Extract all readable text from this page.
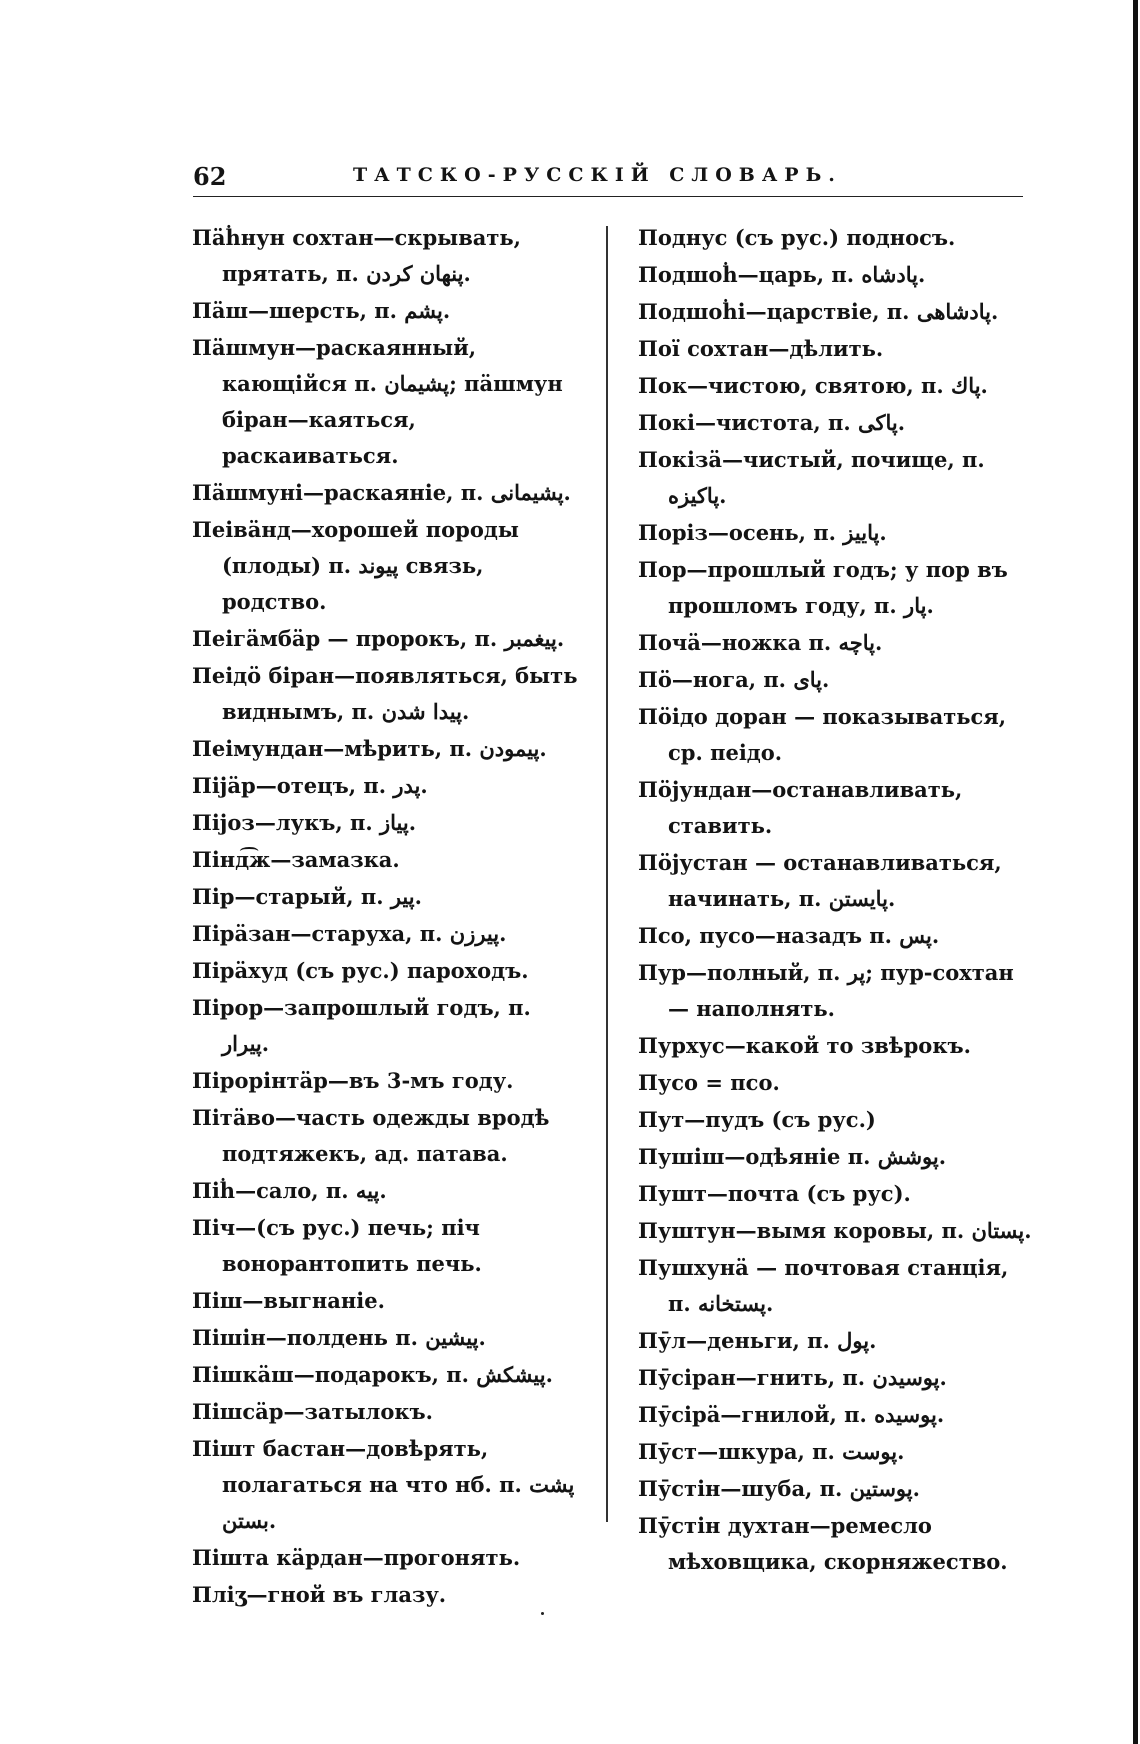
62	ТАТСКО-РУССКІЙ СЛОВАРЬ.
Пäḣнун сохтан—скрывать, прятать, п. پنهان کردن.
Пäш—шерсть, п. پشم.
Пäшмун—раскаянный, кающійся п. پشیمان; пäшмун біран—каяться, раскаиваться.
Пäшмуні—раскаяніе, п. پشیمانی.
Пеівäнд—хорошей породы (плоды) п. پیوند связь, родство.
Пеігäмбäр — пророкъ, п. پیغمبر.
Пеідö біран—появляться, быть виднымъ, п. پیدا شدن.
Пеімундан—мѣрить, п. پیمودن.
Піјäр—отецъ, п. پدر.
Піјоз—лукъ, п. پیاز.
Пінд͡ж—замазка.
Пір—старый, п. پیر.
Пірäзан—старуха, п. پیرزن.
Пірäхуд (съ рус.) пароходъ.
Пірор—запрошлый годъ, п. پیرار.
Пірорінтäр—въ 3-мъ году.
Пітäво—часть одежды вродѣ подтяжекъ, ад. патава.
Піḣ—сало, п. پیه.
Піч—(съ рус.) печь; піч вонорантопить печь.
Піш—выгнаніе.
Пішін—полдень п. پیشین.
Пішкäш—подарокъ, п. پیشکش.
Пішсäр—затылокъ.
Пішт бастан—довѣрять, полагаться на что нб. п. پشت بستن.
Пішта кäрдан—прогонять.
Плiӡ—гной въ глазу.
Поднус (съ рус.) подносъ.
Подшоḣ—царь, п. پادشاه.
Подшоḣі—царствіе, п. پادشاهی.
Пої сохтан—дѣлить.
Пок—чистою, святою, п. پاك.
Покі—чистота, п. پاکی.
Покізä—чистый, почище, п. پاکیزه.
Порiз—осень, п. پاییز.
Пор—прошлый годъ; у пор въ прошломъ году, п. پار.
Почä—ножка п. پاچه.
Пö—нога, п. پای.
Пöідо доран — показываться, ср. пеідо.
Пöјундан—останавливать, ставить.
Пöјустан — останавливаться, начинать, п. پایستن.
Псо, пусо—назадъ п. پس.
Пур—полный, п. پر; пур-сохтан— наполнять.
Пурхус—какой то звѣрокъ.
Пусо = псо.
Пут—пудъ (съ рус.)
Пушіш—одѣяніе п. پوشش.
Пушт—почта (съ рус).
Пуштун—вымя коровы, п. پستان.
Пушхунä — почтовая станція, п. پستخانه.
Пӯл—деньги, п. پول.
Пӯсіран—гнить, п. پوسیدن.
Пӯсірä—гнилой, п. پوسیده.
Пӯст—шкура, п. پوست.
Пӯстiн—шуба, п. پوستین.
Пӯстін духтан—ремесло мѣховщика, скорняжество.
